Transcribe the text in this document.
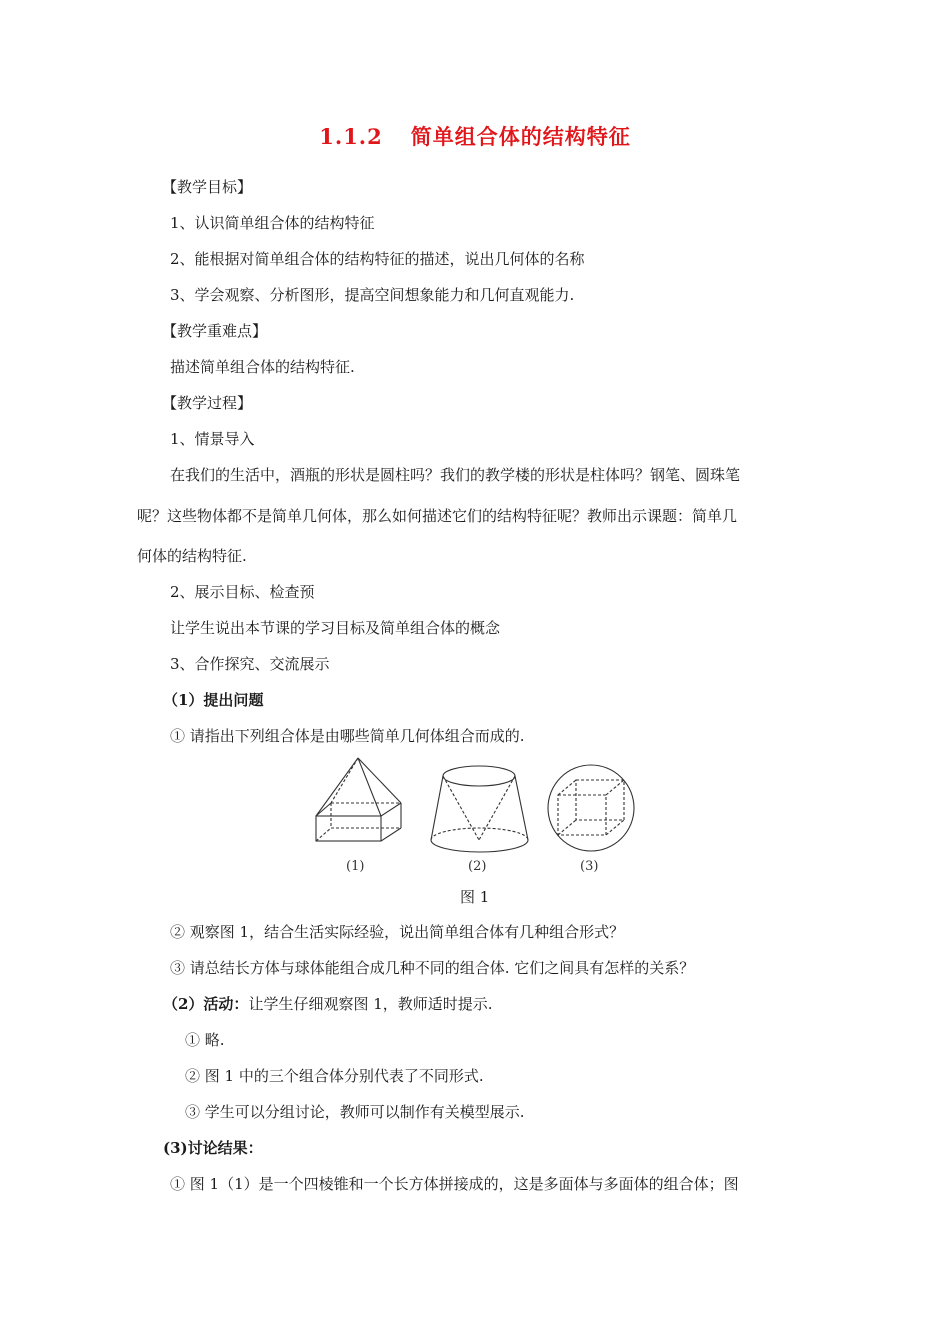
1.1.2 简单组合体的结构特征
【教学目标】
1、认识简单组合体的结构特征
2、能根据对简单组合体的结构特征的描述，说出几何体的名称
3、学会观察、分析图形，提高空间想象能力和几何直观能力.
【教学重难点】
描述简单组合体的结构特征.
【教学过程】
1、情景导入
在我们的生活中，酒瓶的形状是圆柱吗？我们的教学楼的形状是柱体吗？钢笔、圆珠笔
呢？这些物体都不是简单几何体，那么如何描述它们的结构特征呢？教师出示课题：简单几
何体的结构特征.
2、展示目标、检查预
让学生说出本节课的学习目标及简单组合体的概念
3、合作探究、交流展示
（1）提出问题
① 请指出下列组合体是由哪些简单几何体组合而成的.
(1)	(2)	(3)
图 1
② 观察图 1，结合生活实际经验，说出简单组合体有几种组合形式？
③ 请总结长方体与球体能组合成几种不同的组合体. 它们之间具有怎样的关系？
（2）活动：让学生仔细观察图 1，教师适时提示.
① 略.
② 图 1 中的三个组合体分别代表了不同形式.
③ 学生可以分组讨论，教师可以制作有关模型展示.
(3)讨论结果：
① 图 1（1）是一个四棱锥和一个长方体拼接成的，这是多面体与多面体的组合体；图
